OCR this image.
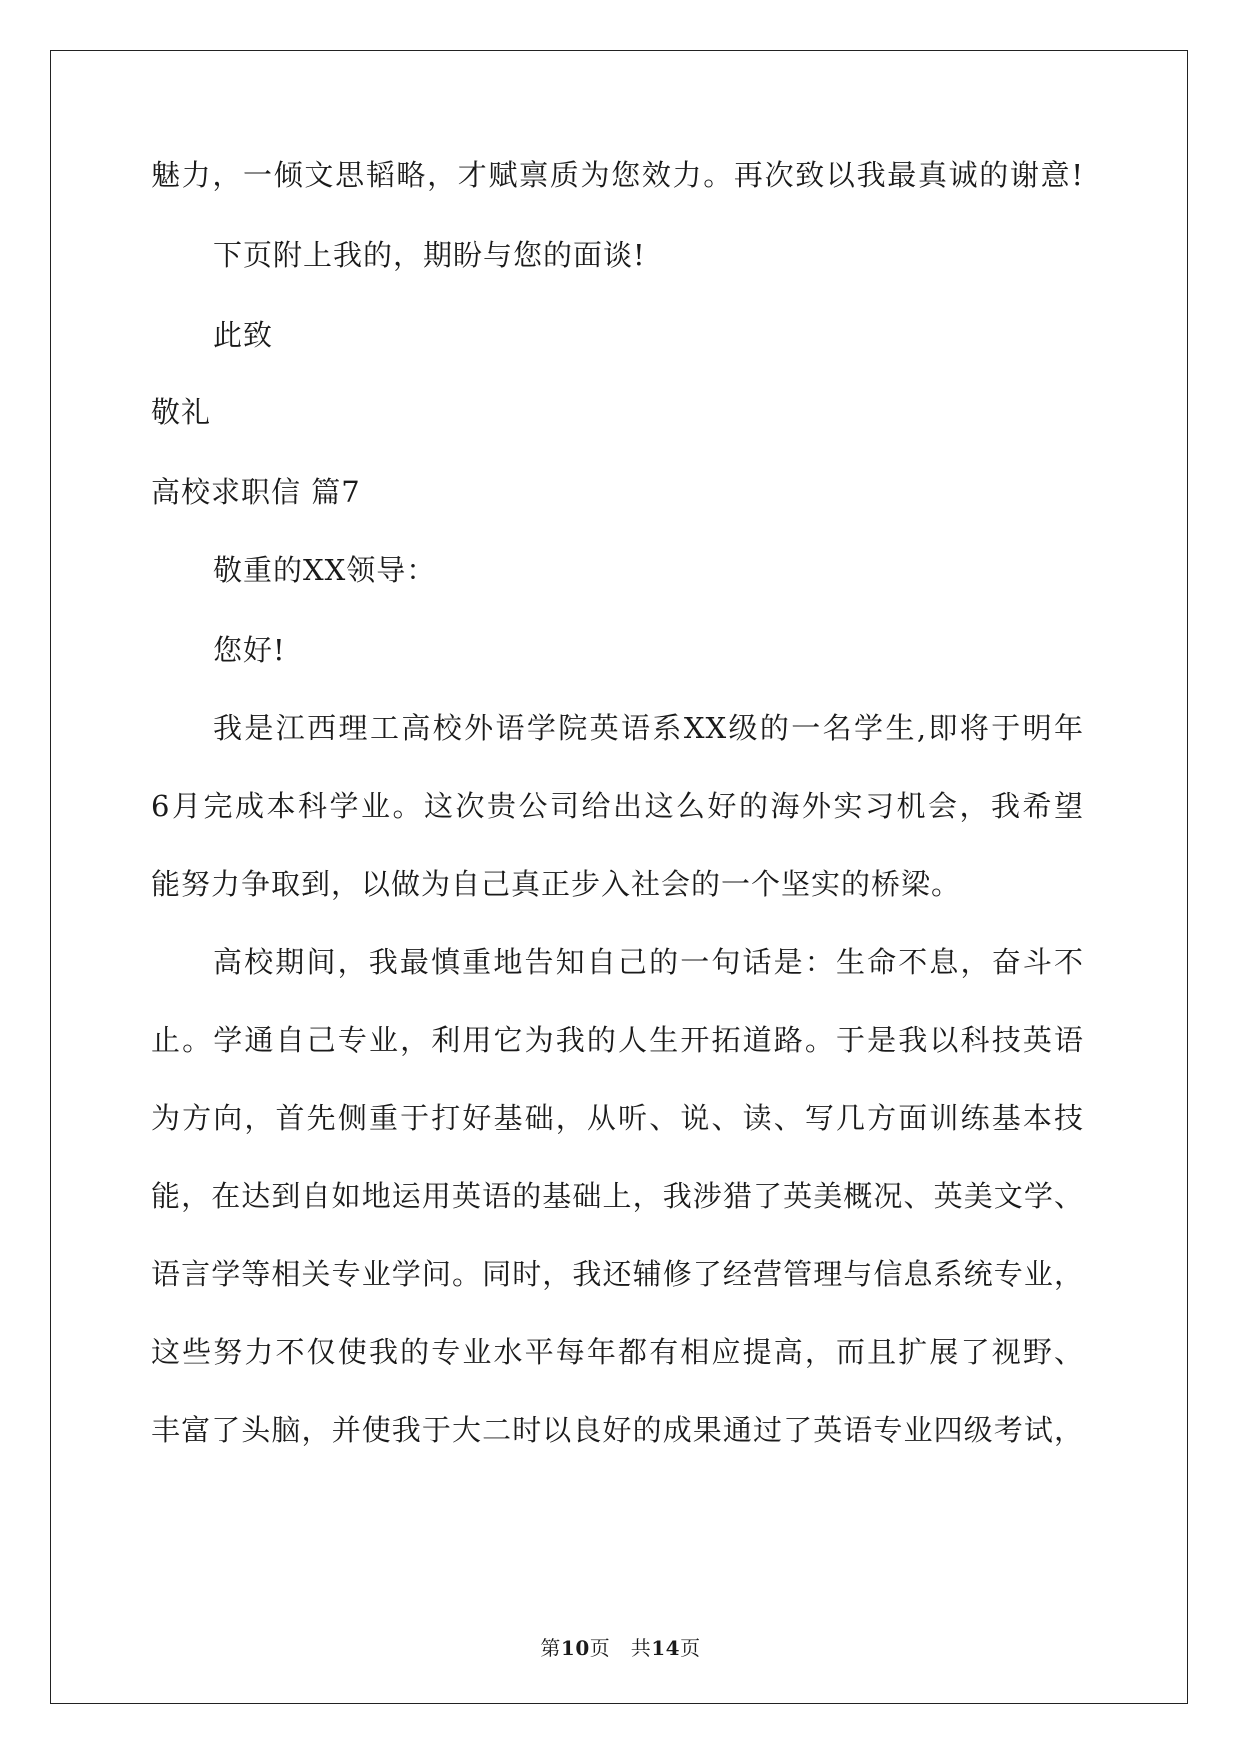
魅力，一倾文思韬略，才赋禀质为您效力。再次致以我最真诚的谢意!
下页附上我的，期盼与您的面谈!
此致
敬礼
高校求职信 篇7
敬重的XX领导：
您好!
我是江西理工高校外语学院英语系XX级的一名学生,即将于明年
6月完成本科学业。这次贵公司给出这么好的海外实习机会，我希望
能努力争取到，以做为自己真正步入社会的一个坚实的桥梁。
高校期间，我最慎重地告知自己的一句话是：生命不息，奋斗不
止。学通自己专业，利用它为我的人生开拓道路。于是我以科技英语
为方向，首先侧重于打好基础，从听、说、读、写几方面训练基本技
能，在达到自如地运用英语的基础上，我涉猎了英美概况、英美文学、
语言学等相关专业学问。同时，我还辅修了经营管理与信息系统专业，
这些努力不仅使我的专业水平每年都有相应提高，而且扩展了视野、
丰富了头脑，并使我于大二时以良好的成果通过了英语专业四级考试，
第10页　共14页
